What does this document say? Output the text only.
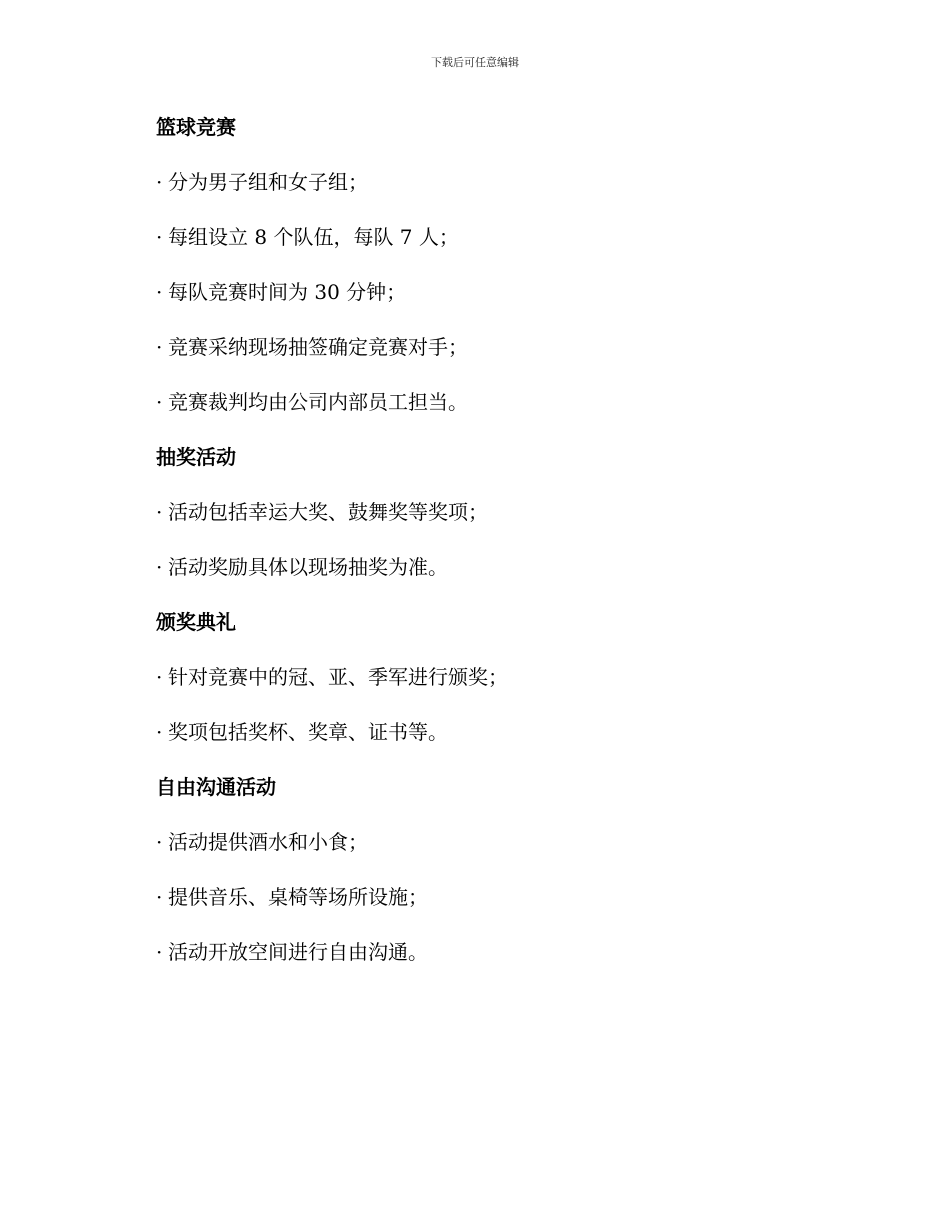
下载后可任意编辑
篮球竞赛
· 分为男子组和女子组；
· 每组设立 8 个队伍，每队 7 人；
· 每队竞赛时间为 30 分钟；
· 竞赛采纳现场抽签确定竞赛对手；
· 竞赛裁判均由公司内部员工担当。
抽奖活动
· 活动包括幸运大奖、鼓舞奖等奖项；
· 活动奖励具体以现场抽奖为准。
颁奖典礼
· 针对竞赛中的冠、亚、季军进行颁奖；
· 奖项包括奖杯、奖章、证书等。
自由沟通活动
· 活动提供酒水和小食；
· 提供音乐、桌椅等场所设施；
· 活动开放空间进行自由沟通。
